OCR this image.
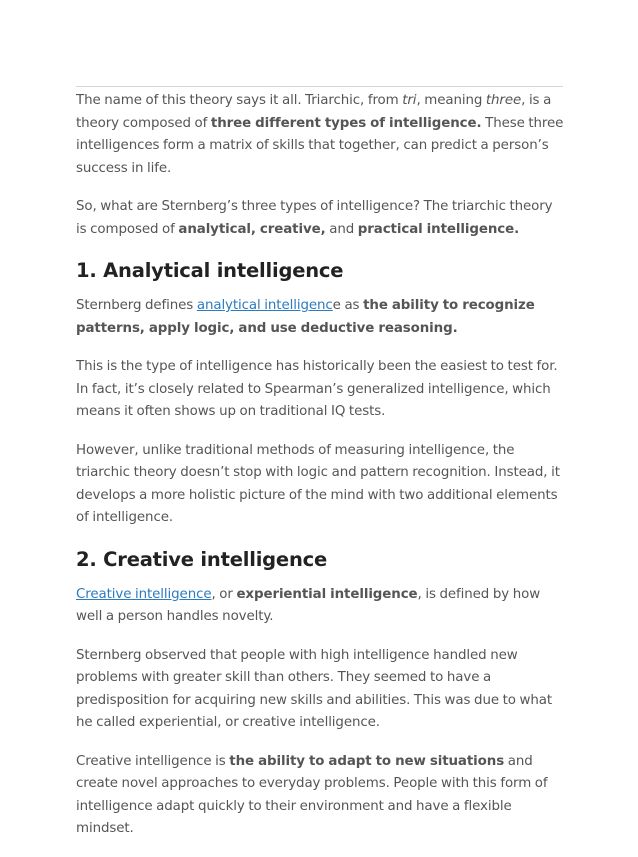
The name of this theory says it all. Triarchic, from tri, meaning three, is a theory composed of three different types of intelligence. These three intelligences form a matrix of skills that together, can predict a person’s success in life.

So, what are Sternberg’s three types of intelligence? The triarchic theory is composed of analytical, creative, and practical intelligence.

1. Analytical intelligence

Sternberg defines analytical intelligence as the ability to recognize patterns, apply logic, and use deductive reasoning.

This is the type of intelligence has historically been the easiest to test for. In fact, it’s closely related to Spearman’s generalized intelligence, which means it often shows up on traditional IQ tests.

However, unlike traditional methods of measuring intelligence, the triarchic theory doesn’t stop with logic and pattern recognition. Instead, it develops a more holistic picture of the mind with two additional elements of intelligence.

2. Creative intelligence

Creative intelligence, or experiential intelligence, is defined by how well a person handles novelty.

Sternberg observed that people with high intelligence handled new problems with greater skill than others. They seemed to have a predisposition for acquiring new skills and abilities. This was due to what he called experiential, or creative intelligence.

Creative intelligence is the ability to adapt to new situations and create novel approaches to everyday problems. People with this form of intelligence adapt quickly to their environment and have a flexible mindset.
